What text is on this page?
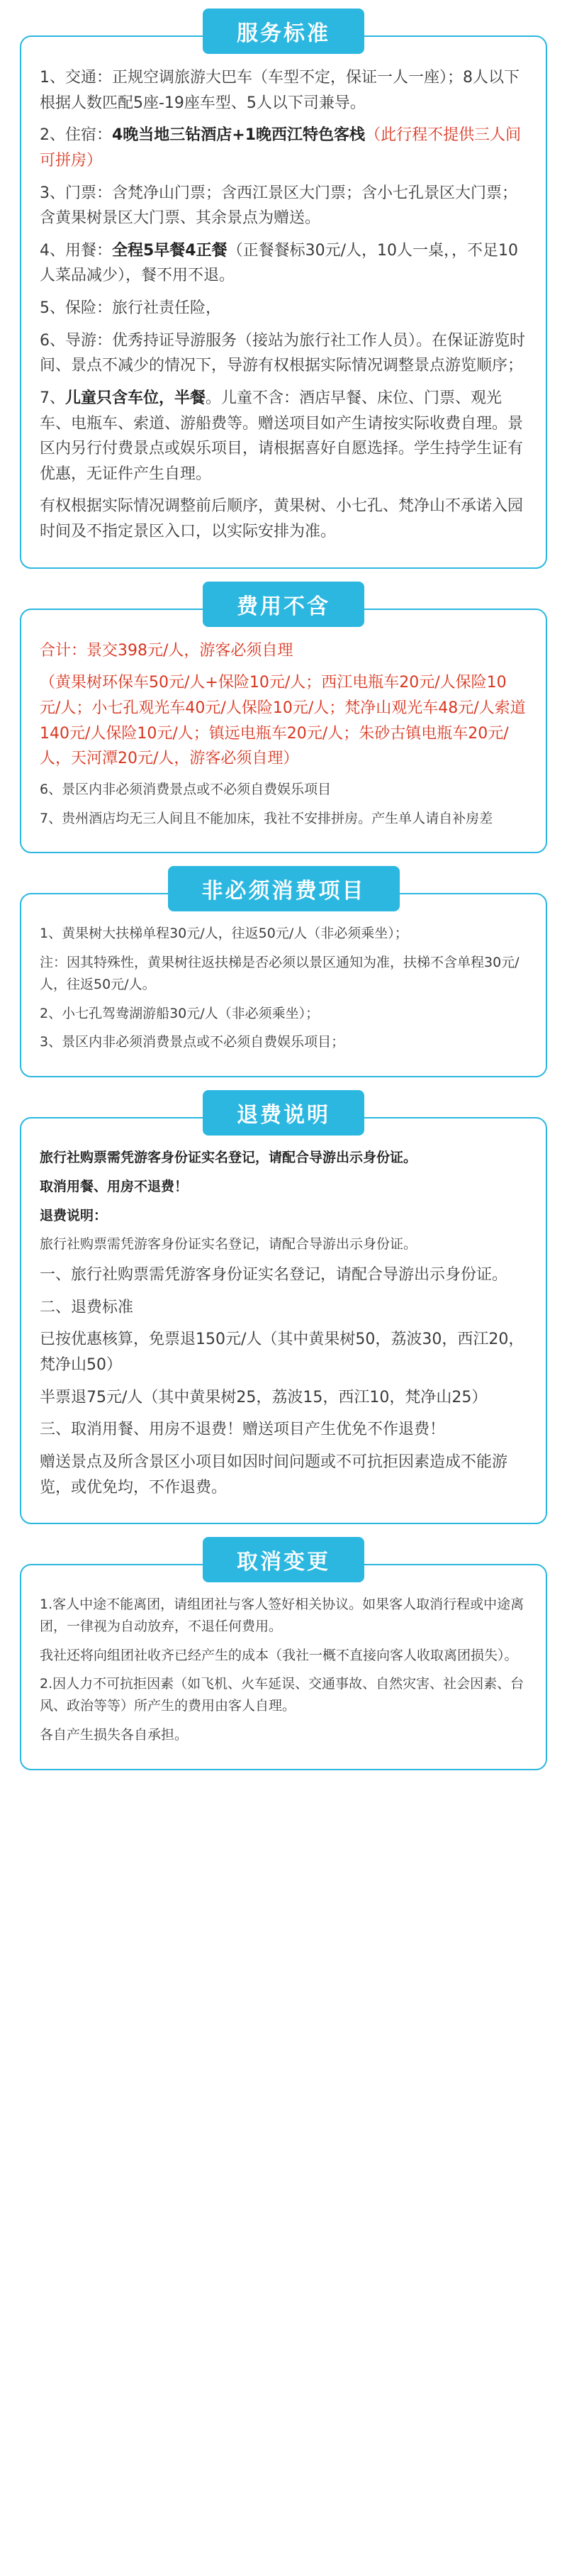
服务标准

1、交通：正规空调旅游大巴车（车型不定，保证一人一座）；8人以下根据人数匹配5座-19座车型、5人以下司兼导。

2、住宿：4晚当地三钻酒店+1晚西江特色客栈（此行程不提供三人间可拼房）

3、门票：含梵净山门票；含西江景区大门票；含小七孔景区大门票；含黄果树景区大门票、其余景点为赠送。

4、用餐：全程5早餐4正餐（正餐餐标30元/人，10人一桌，，不足10人菜品减少），餐不用不退。

5、保险：旅行社责任险，

6、导游：优秀持证导游服务（接站为旅行社工作人员）。在保证游览时间、景点不减少的情况下，导游有权根据实际情况调整景点游览顺序；

7、儿童只含车位，半餐。儿童不含：酒店早餐、床位、门票、观光车、电瓶车、索道、游船费等。赠送项目如产生请按实际收费自理。景区内另行付费景点或娱乐项目，请根据喜好自愿选择。学生持学生证有优惠，无证件产生自理。

有权根据实际情况调整前后顺序，黄果树、小七孔、梵净山不承诺入园时间及不指定景区入口，以实际安排为准。

费用不含

合计：景交398元/人，游客必须自理

（黄果树环保车50元/人+保险10元/人；西江电瓶车20元/人保险10元/人；小七孔观光车40元/人保险10元/人；梵净山观光车48元/人索道140元/人保险10元/人；镇远电瓶车20元/人；朱砂古镇电瓶车20元/人，天河潭20元/人，游客必须自理）

6、景区内非必须消费景点或不必须自费娱乐项目

7、贵州酒店均无三人间且不能加床，我社不安排拼房。产生单人请自补房差

非必须消费项目

1、黄果树大扶梯单程30元/人，往返50元/人（非必须乘坐）；

注：因其特殊性，黄果树往返扶梯是否必须以景区通知为准，扶梯不含单程30元/人，往返50元/人。

2、小七孔驾鸯湖游船30元/人（非必须乘坐）；

3、景区内非必须消费景点或不必须自费娱乐项目；

退费说明

旅行社购票需凭游客身份证实名登记，请配合导游出示身份证。

取消用餐、用房不退费！

退费说明：

旅行社购票需凭游客身份证实名登记，请配合导游出示身份证。

一、旅行社购票需凭游客身份证实名登记，请配合导游出示身份证。

二、退费标准

已按优惠核算，免票退150元/人（其中黄果树50，荔波30，西江20，梵净山50）

半票退75元/人（其中黄果树25，荔波15，西江10，梵净山25）

三、取消用餐、用房不退费！赠送项目产生优免不作退费！

赠送景点及所含景区小项目如因时间问题或不可抗拒因素造成不能游览，或优免均，不作退费。

取消变更

1.客人中途不能离团，请组团社与客人签好相关协议。如果客人取消行程或中途离团，一律视为自动放弃，不退任何费用。

我社还将向组团社收齐已经产生的成本（我社一概不直接向客人收取离团损失）。

2.因人力不可抗拒因素（如飞机、火车延误、交通事故、自然灾害、社会因素、台风、政治等等）所产生的费用由客人自理。

各自产生损失各自承担。
